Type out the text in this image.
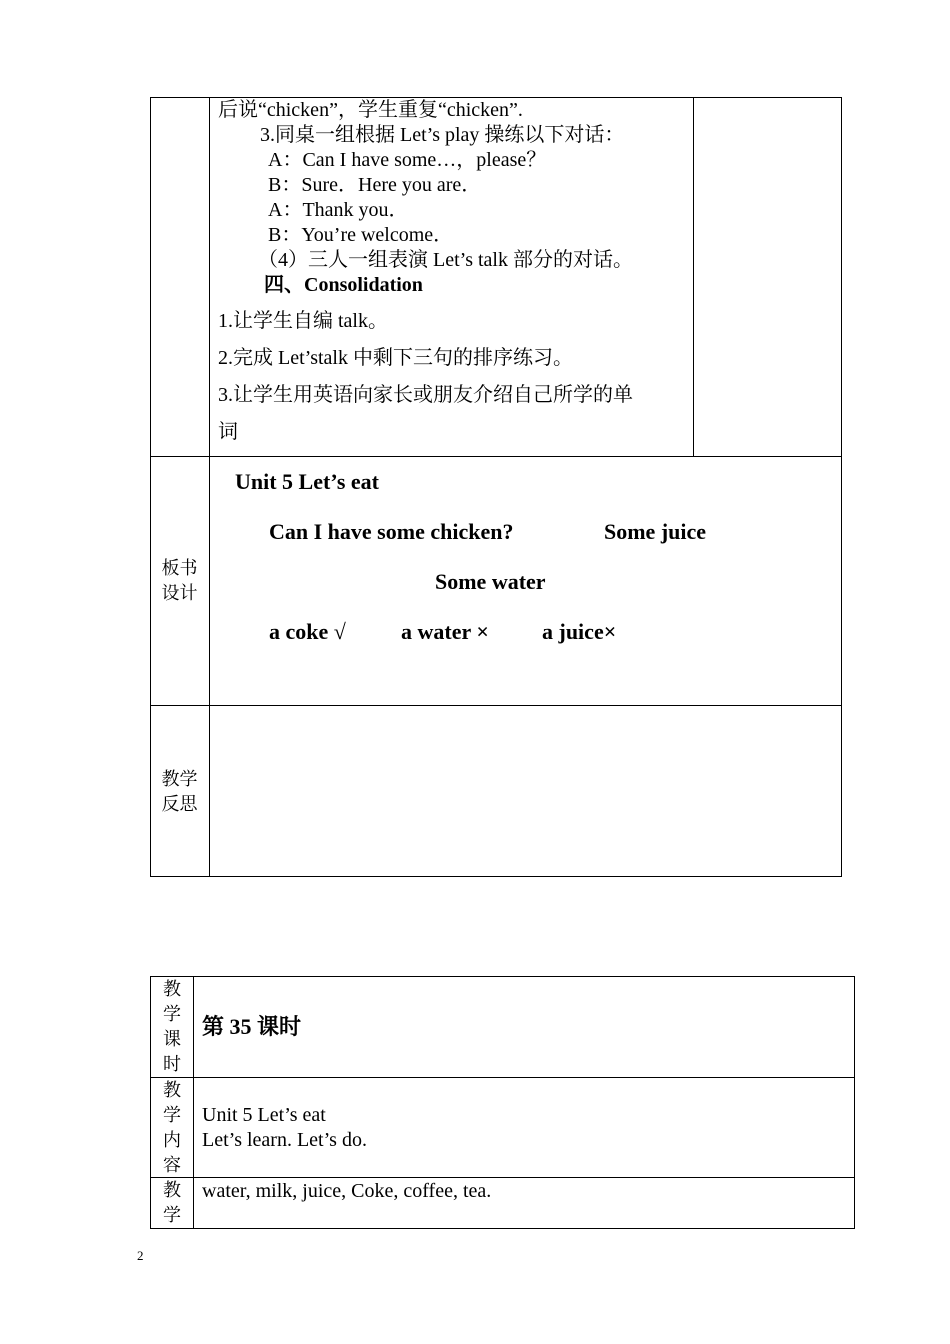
后说“chicken”，学生重复“chicken”.
3.同桌一组根据 Let’s play 操练以下对话：
A：Can I have some…，please？
B：Sure．Here you are．
A：Thank you．
B：You’re welcome．
（4）三人一组表演 Let’s talk 部分的对话。
四、Consolidation
1.让学生自编 talk。
2.完成 Let’stalk 中剩下三句的排序练习。
3.让学生用英语向家长或朋友介绍自己所学的单
词
板书
设计
Unit 5 Let’s eat
Can I have some chicken?	Some juice
Some water
a coke √	a water × a juice×
教学
反思
教
学
课
时
第 35 课时
教
学
内
容
Unit 5 Let’s eat
Let’s learn. Let’s do.
教
学
water, milk, juice, Coke, coffee, tea.
2
